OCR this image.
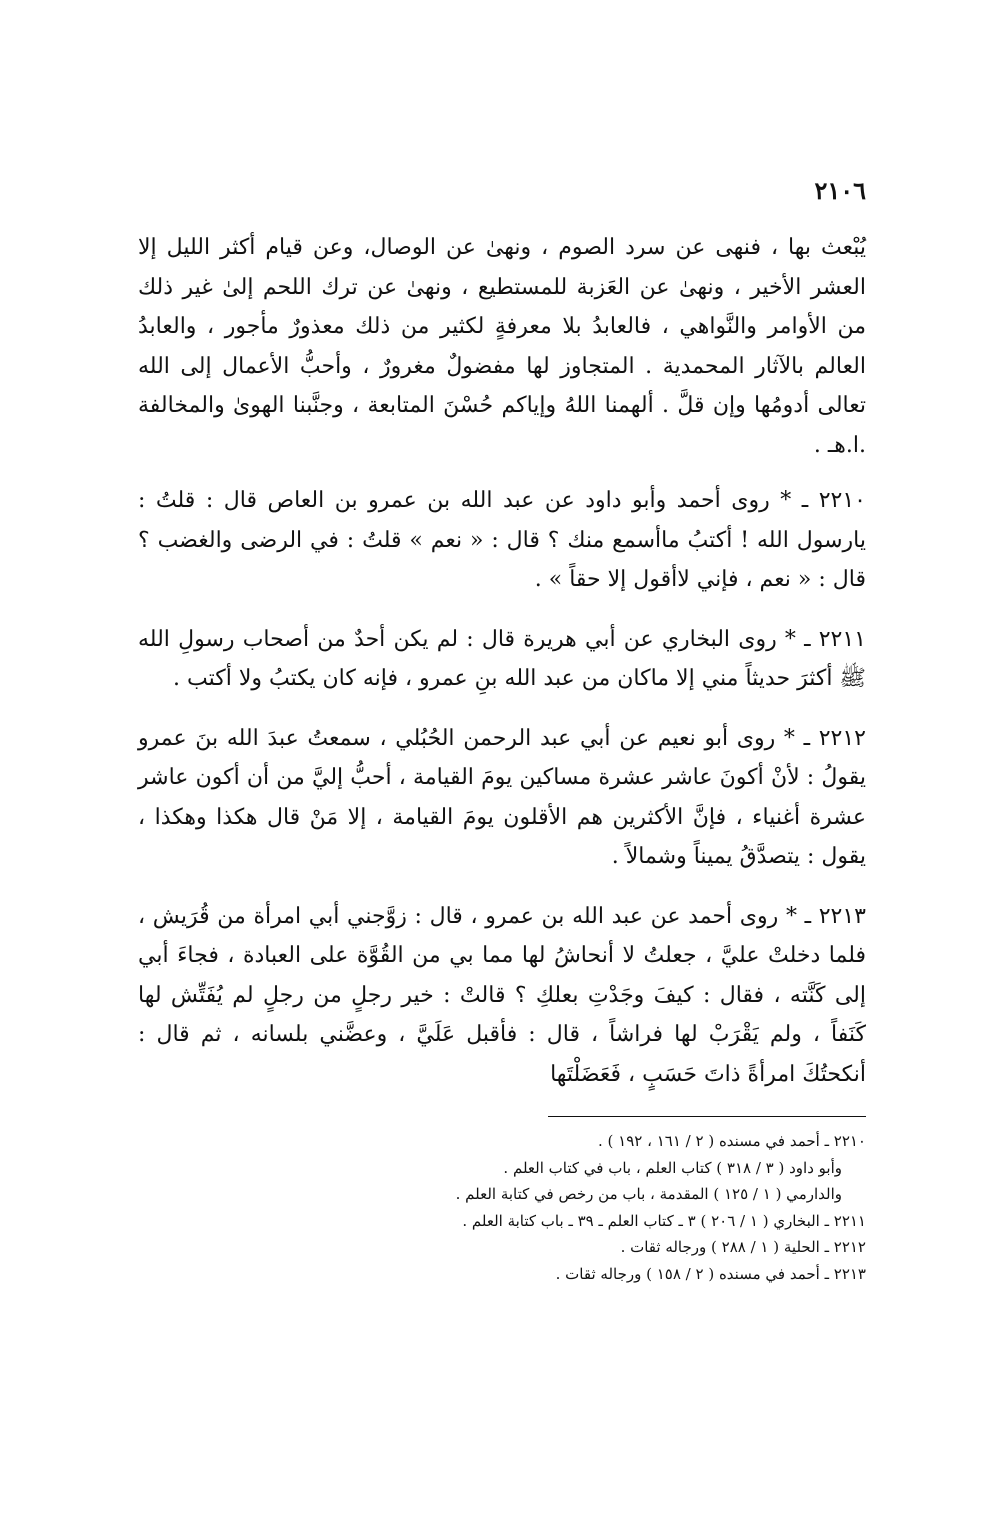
٢١٠٦

يُبْعث بها ، فنهى عن سرد الصوم ، ونهىٰ عن الوصال، وعن قيام أكثر الليل إلا العشر الأخير ، ونهىٰ عن العَزبة للمستطيع ، ونهىٰ عن ترك اللحم إلىٰ غير ذلك من الأوامر والنَّواهي ، فالعابدُ بلا معرفةٍ لكثير من ذلك معذورٌ مأجور ، والعابدُ العالم بالآثار المحمدية . المتجاوز لها مفضولٌ مغرورٌ ، وأحبُّ الأعمال إلى الله تعالى أدومُها وإن قلَّ . ألهمنا اللهُ وإياكم حُسْنَ المتابعة ، وجنَّبنا الهوىٰ والمخالفة .ا.هـ .

٢٢١٠ ـ * روى أحمد وأبو داود عن عبد الله بن عمرو بن العاص قال : قلتُ : يارسول الله ! أكتبُ ماأسمع منك ؟ قال : « نعم » قلتُ : في الرضى والغضب ؟ قال : « نعم ، فإني لاأقول إلا حقاً » .

٢٢١١ ـ * روى البخاري عن أبي هريرة قال : لم يكن أحدٌ من أصحاب رسولِ الله ﷺ أكثرَ حديثاً مني إلا ماكان من عبد الله بنِ عمرو ، فإنه كان يكتبُ ولا أكتب .

٢٢١٢ ـ * روى أبو نعيم عن أبي عبد الرحمن الحُبُلي ، سمعتُ عبدَ الله بنَ عمرو يقولُ : لأنْ أكونَ عاشر عشرة مساكين يومَ القيامة ، أحبُّ إليَّ من أن أكون عاشر عشرة أغنياء ، فإنَّ الأكثرين هم الأقلون يومَ القيامة ، إلا مَنْ قال هكذا وهكذا ، يقول : يتصدَّقُ يميناً وشمالاً .

٢٢١٣ ـ * روى أحمد عن عبد الله بن عمرو ، قال : زوَّجني أبي امرأة من قُرَيش ، فلما دخلتْ عليَّ ، جعلتُ لا أنحاشُ لها مما بي من القُوَّة على العبادة ، فجاءَ أبي إلى كَنَّته ، فقال : كيفَ وجَدْتِ بعلكِ ؟ قالتْ : خير رجلٍ من رجلٍ لم يُفَتِّش لها كَنَفاً ، ولم يَقْرَبْ لها فراشاً ، قال : فأقبل عَلَيَّ ، وعضَّني بلسانه ، ثم قال : أنكحتُكَ امرأةً ذاتَ حَسَبٍ ، فَعَضَلْتَها

٢٢١٠ ـ أحمد في مسنده ( ٢ / ١٦١ ، ١٩٢ ) .

وأبو داود ( ٣ / ٣١٨ ) كتاب العلم ، باب في كتاب العلم .

والدارمي ( ١ / ١٢٥ ) المقدمة ، باب من رخص في كتابة العلم .

٢٢١١ ـ البخاري ( ١ / ٢٠٦ ) ٣ ـ كتاب العلم ـ ٣٩ ـ باب كتابة العلم .

٢٢١٢ ـ الحلية ( ١ / ٢٨٨ ) ورجاله ثقات .

٢٢١٣ ـ أحمد في مسنده ( ٢ / ١٥٨ ) ورجاله ثقات .
